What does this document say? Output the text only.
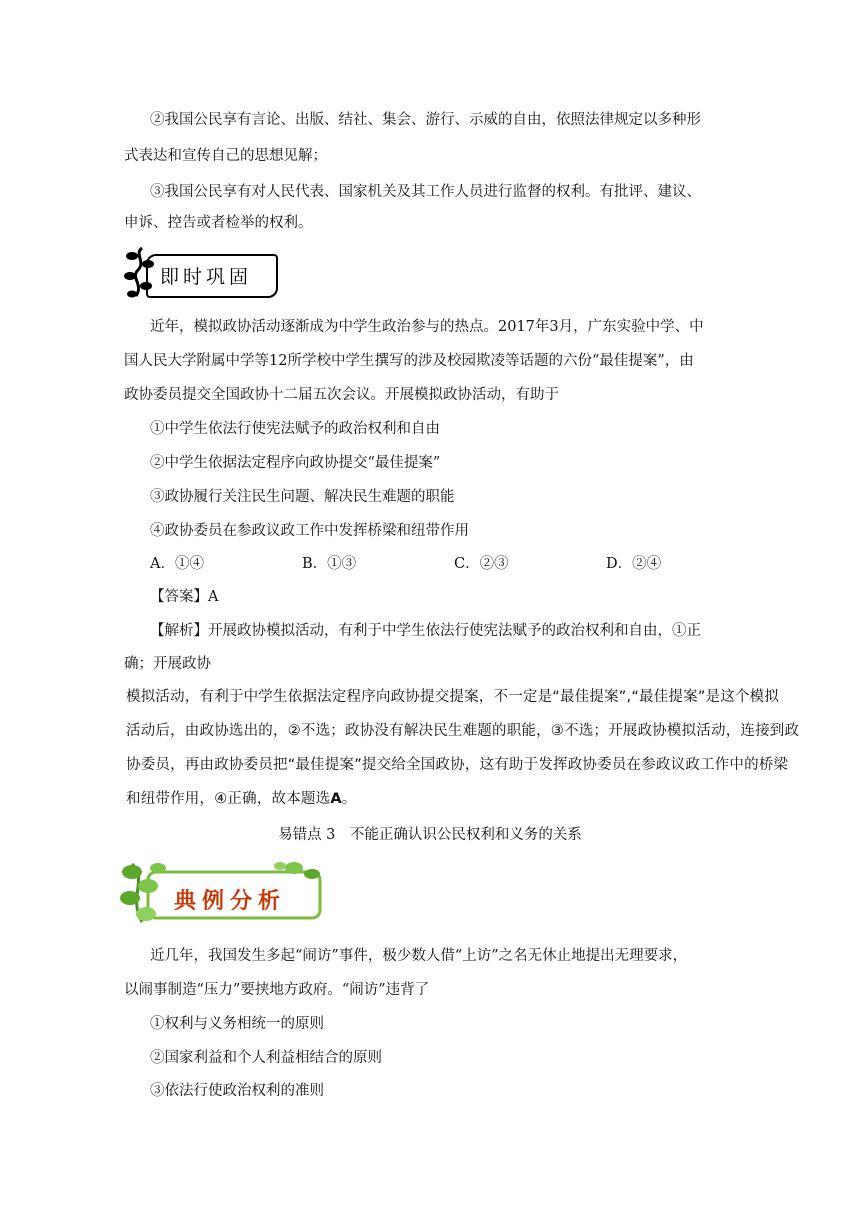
②我国公民享有言论、出版、结社、集会、游行、示威的自由，依照法律规定以多种形
式表达和宣传自己的思想见解；
③我国公民享有对人民代表、国家机关及其工作人员进行监督的权利。有批评、建议、
申诉、控告或者检举的权利。
即时巩固
近年，模拟政协活动逐渐成为中学生政治参与的热点。2017年3月，广东实验中学、中
国人民大学附属中学等12所学校中学生撰写的涉及校园欺凌等话题的六份“最佳提案”，由
政协委员提交全国政协十二届五次会议。开展模拟政协活动，有助于
①中学生依法行使宪法赋予的政治权利和自由
②中学生依据法定程序向政协提交“最佳提案”
③政协履行关注民生问题、解决民生难题的职能
④政协委员在参政议政工作中发挥桥梁和纽带作用
A．①④	B．①③	C．②③	D．②④
【答案】A
【解析】开展政协模拟活动，有利于中学生依法行使宪法赋予的政治权利和自由，①正
确；开展政协
模拟活动，有利于中学生依据法定程序向政协提交提案，不一定是“最佳提案”,“最佳提案”是这个模拟
活动后，由政协选出的，②不选；政协没有解决民生难题的职能，③不选；开展政协模拟活动，连接到政
协委员，再由政协委员把“最佳提案”提交给全国政协，这有助于发挥政协委员在参政议政工作中的桥梁
和纽带作用，④正确，故本题选A。
易错点 3　不能正确认识公民权利和义务的关系
典例分析
近几年，我国发生多起“闹访”事件，极少数人借“上访”之名无休止地提出无理要求，
以闹事制造“压力”要挟地方政府。“闹访”违背了
①权利与义务相统一的原则
②国家利益和个人利益相结合的原则
③依法行使政治权利的准则
